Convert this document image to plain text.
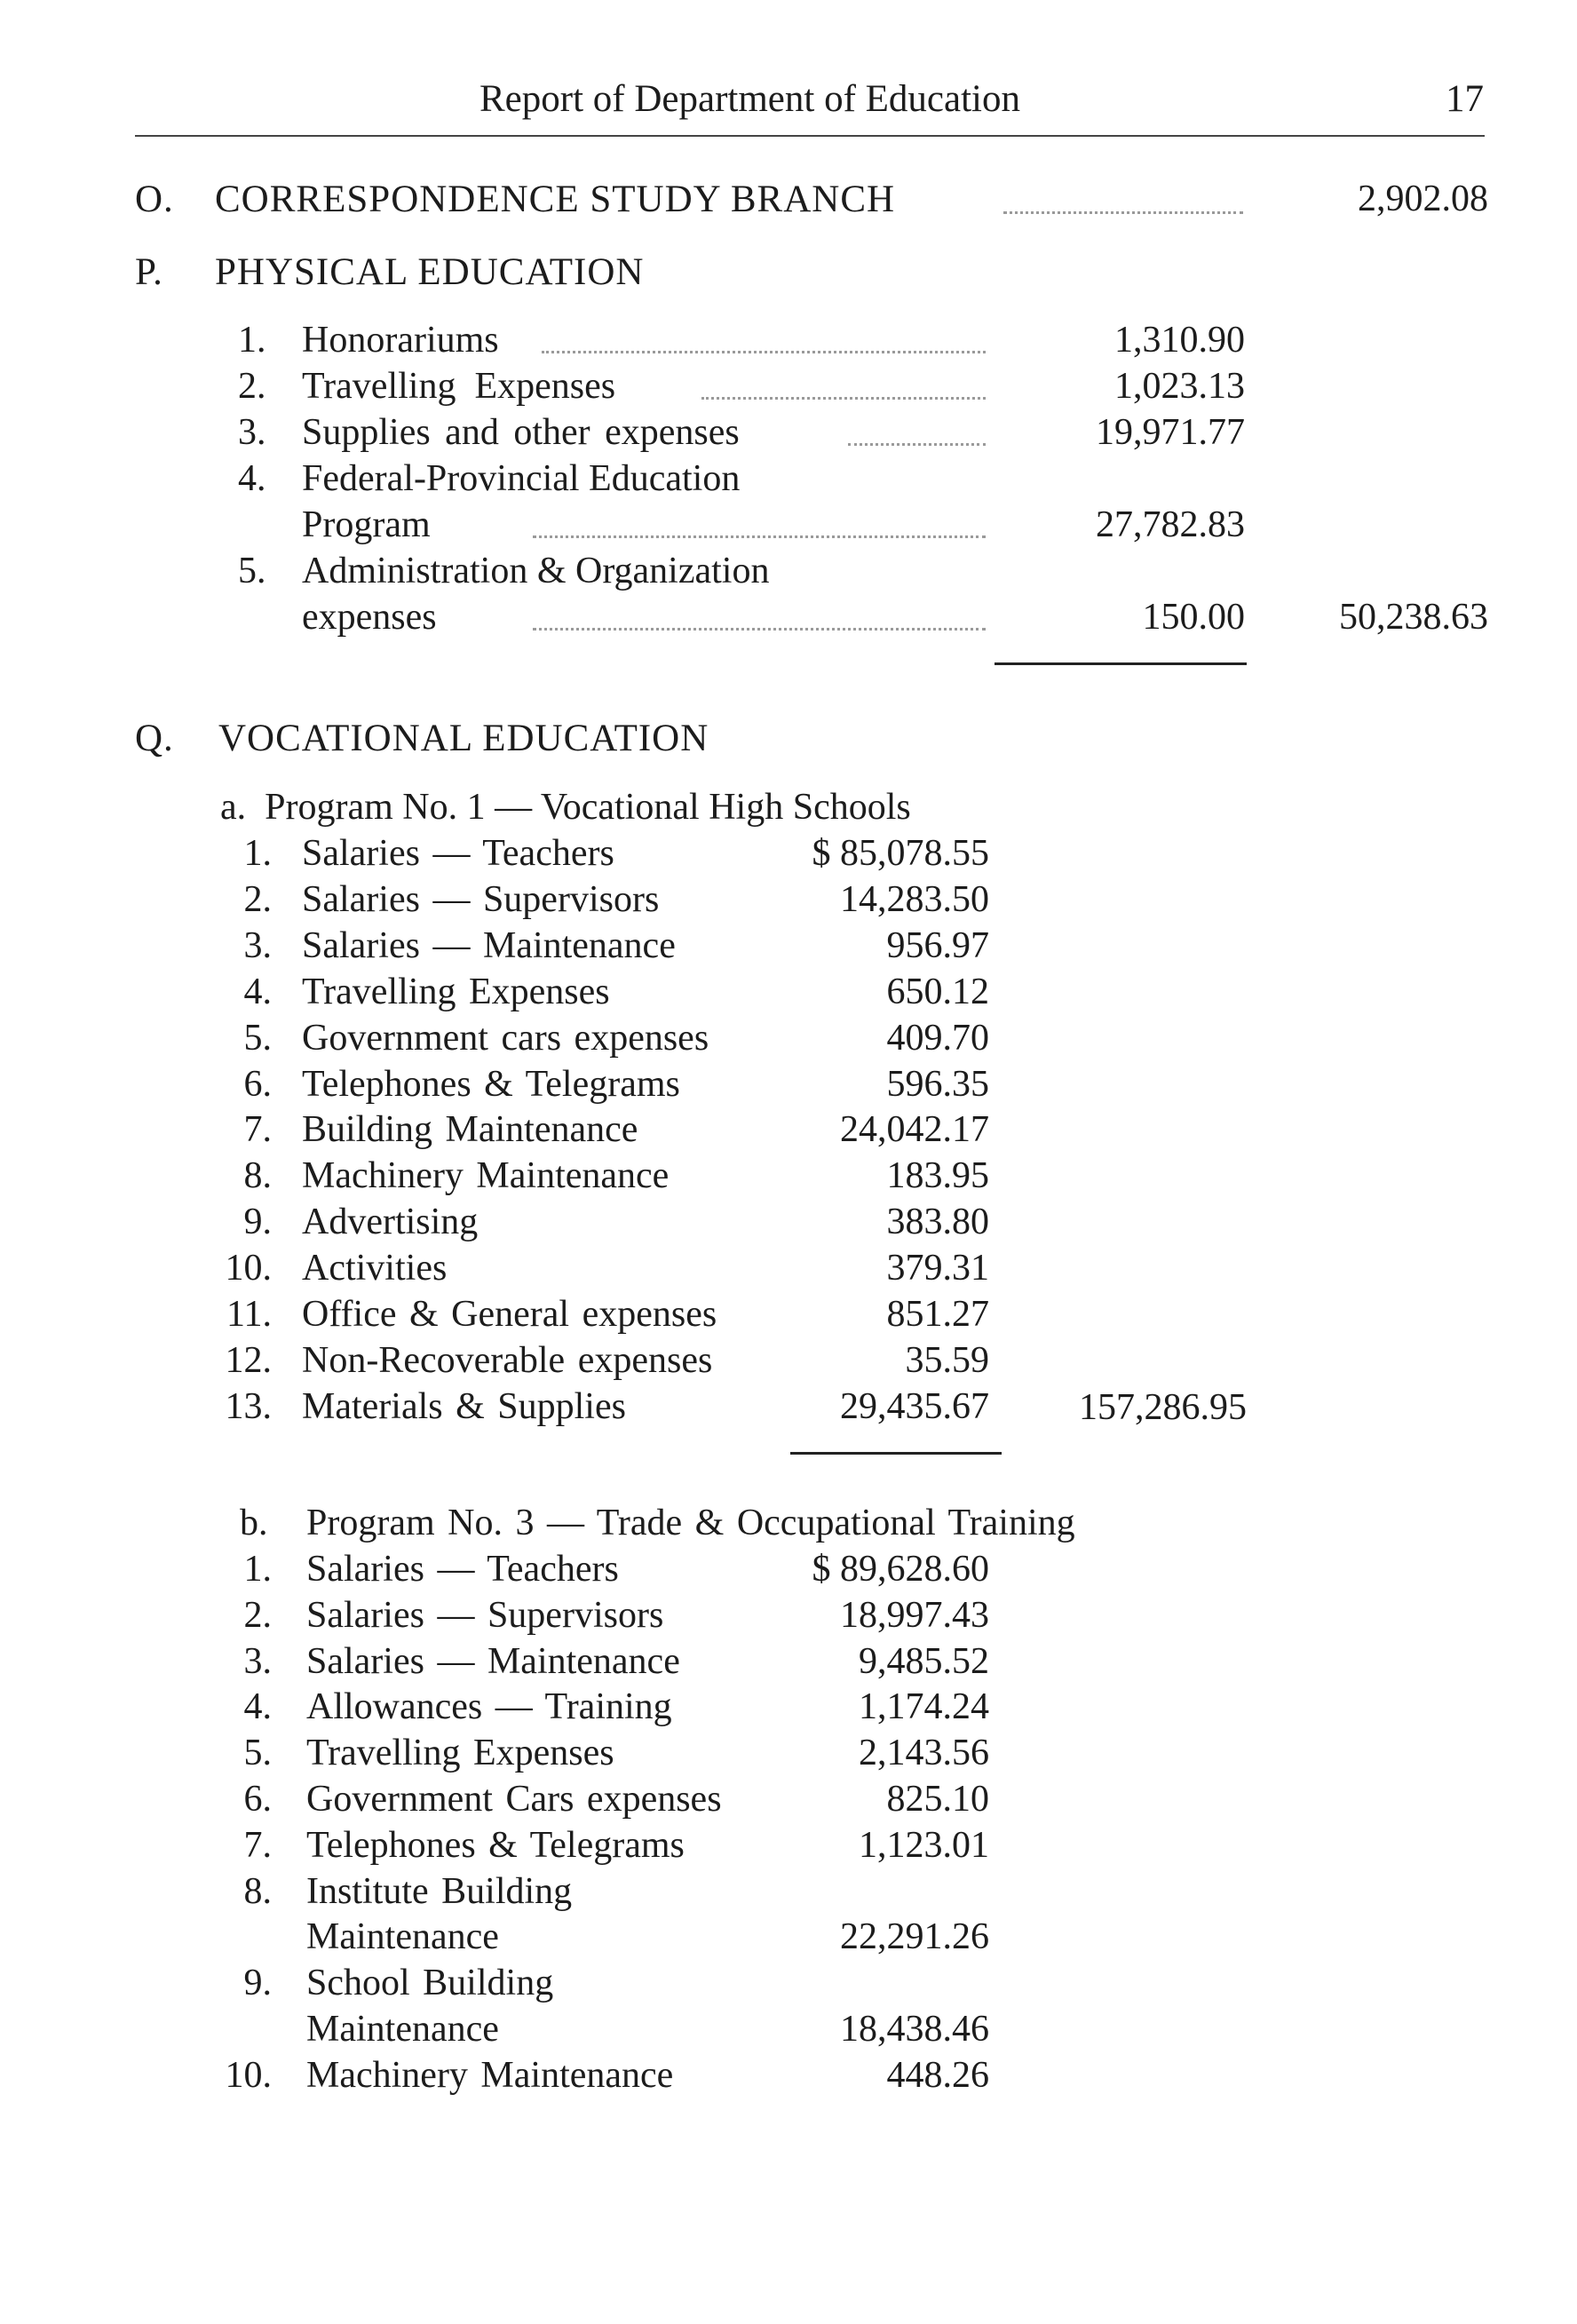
Report of Department of Education	17
O. CORRESPONDENCE STUDY BRANCH	2,902.08
P. PHYSICAL EDUCATION
1. Honorariums	1,310.90
2. Travelling  Expenses	1,023.13
3. Supplies and other expenses	19,971.77
4. Federal-Provincial Education
Program	27,782.83
5. Administration & Organization
expenses	150.00	50,238.63
Q. VOCATIONAL EDUCATION
a.  Program No. 1 — Vocational High Schools
1. Salaries — Teachers	$ 85,078.55
2. Salaries — Supervisors	14,283.50
3. Salaries — Maintenance	956.97
4. Travelling Expenses	650.12
5. Government cars expenses	409.70
6. Telephones & Telegrams	596.35
7. Building Maintenance	24,042.17
8. Machinery Maintenance	183.95
9. Advertising	383.80
10. Activities	379.31
11. Office & General expenses	851.27
12. Non-Recoverable expenses	35.59
13. Materials & Supplies	29,435.67 157,286.95
b. Program No. 3 — Trade & Occupational Training
1. Salaries — Teachers	$ 89,628.60
2. Salaries — Supervisors	18,997.43
3. Salaries — Maintenance	9,485.52
4. Allowances — Training	1,174.24
5. Travelling Expenses	2,143.56
6. Government Cars expenses	825.10
7. Telephones & Telegrams	1,123.01
8. Institute Building
Maintenance	22,291.26
9. School Building
Maintenance	18,438.46
10. Machinery Maintenance	448.26
